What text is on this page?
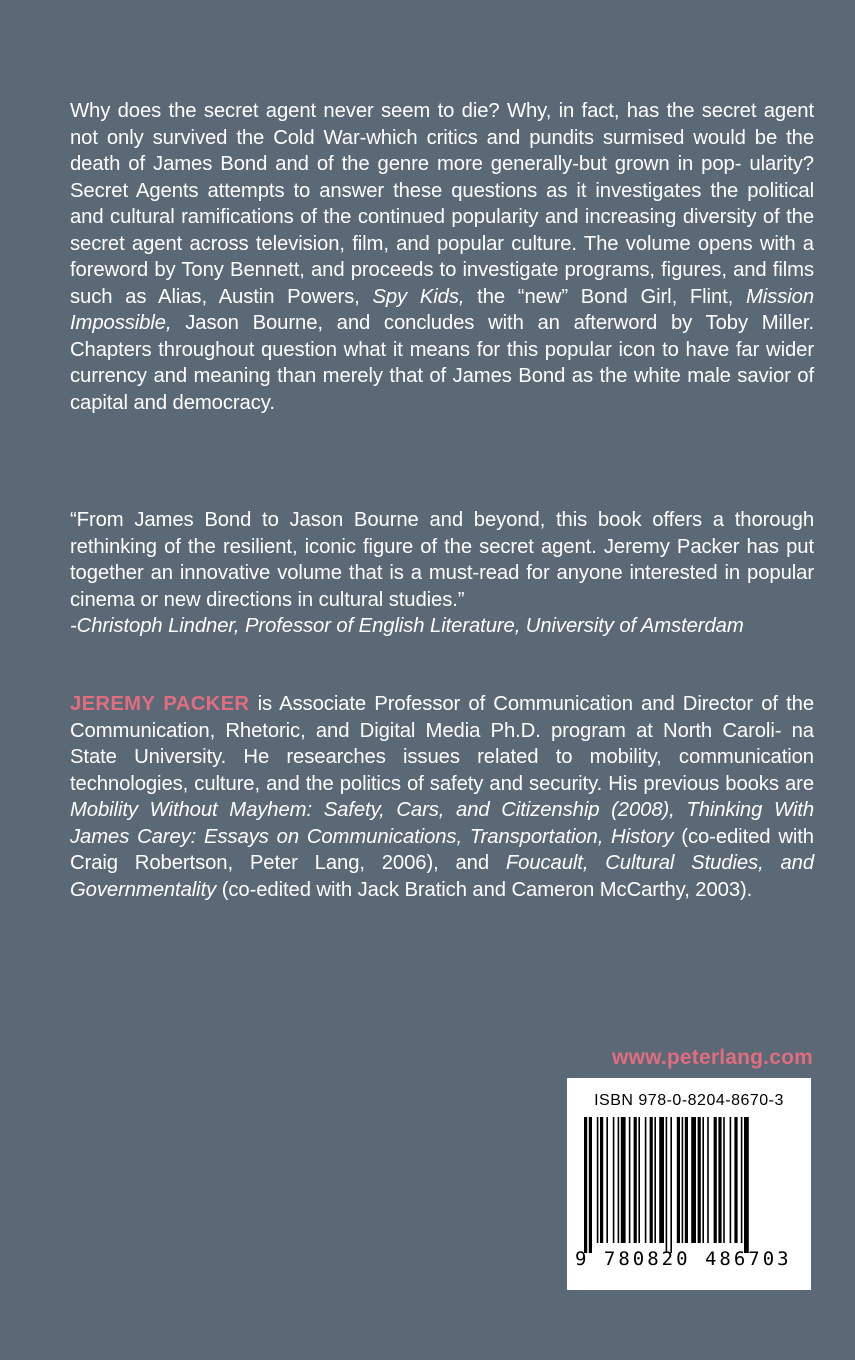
Why does the secret agent never seem to die? Why, in fact, has the secret agent not only survived the Cold War-which critics and pundits surmised would be the death of James Bond and of the genre more generally-but grown in pop- ularity? Secret Agents attempts to answer these questions as it investigates the political and cultural ramifications of the continued popularity and increasing diversity of the secret agent across television, film, and popular culture. The volume opens with a foreword by Tony Bennett, and proceeds to investigate programs, figures, and films such as Alias, Austin Powers, Spy Kids, the “new” Bond Girl, Flint, Mission Impossible, Jason Bourne, and concludes with an afterword by Toby Miller. Chapters throughout question what it means for this popular icon to have far wider currency and meaning than merely that of James Bond as the white male savior of capital and democracy.
“From James Bond to Jason Bourne and beyond, this book offers a thorough rethinking of the resilient, iconic figure of the secret agent. Jeremy Packer has put together an innovative volume that is a must-read for anyone interested in popular cinema or new directions in cultural studies.”
-Christoph Lindner, Professor of English Literature, University of Amsterdam
JEREMY PACKER is Associate Professor of Communication and Director of the Communication, Rhetoric, and Digital Media Ph.D. program at North Caroli- na State University. He researches issues related to mobility, communication technologies, culture, and the politics of safety and security. His previous books are Mobility Without Mayhem: Safety, Cars, and Citizenship (2008), Thinking With James Carey: Essays on Communications, Transportation, History (co-edited with Craig Robertson, Peter Lang, 2006), and Foucault, Cultural Studies, and Governmentality (co-edited with Jack Bratich and Cameron McCarthy, 2003).
www.peterlang.com
ISBN 978-0-8204-8670-3
9 780820 486703
